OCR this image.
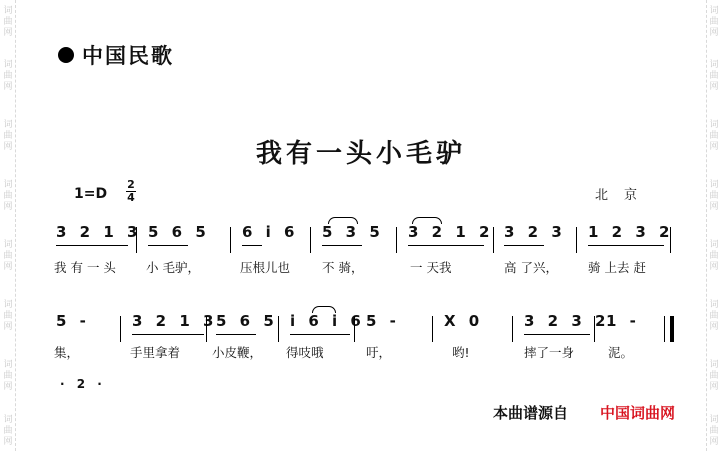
词
曲
网
词
曲
网
词
曲
网
词
曲
网
词
曲
网
词
曲
网
词
曲
网
词
曲
网
词
曲
网
词
曲
网
词
曲
网
词
曲
网
词
曲
网
词
曲
网
词
曲
网
词
曲
网
中国民歌
我有一头小毛驴
1=D
2
4	北京
3 2 1 3 5 6 5 6 i 6 5 3 5 3 2 1 2 3 2 3 1 2 3 2
我 有 一 头 小 毛驴，	压根儿也	不 骑，	一 天我	高 了兴， 骑 上去 赶
5 -	3 2 1 3
5 6 5 i 6 i 6 5 -	X 0	3 2 3 2
1 -
集，	手里拿着	小皮鞭， 得吱哦	吁，	哟!	摔了一身	泥。
· 2 ·
本曲谱源自 中国词曲网
